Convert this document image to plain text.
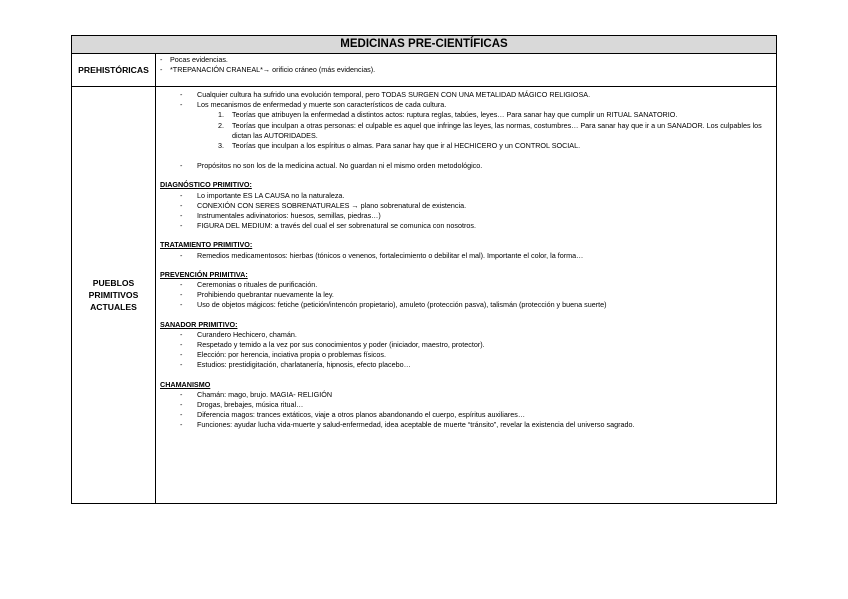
MEDICINAS PRE-CIENTÍFICAS
PREHISTÓRICAS
-	Pocas evidencias.
-	*TREPANACIÓN CRANEAL*→ orificio cráneo (más evidencias).
PUEBLOS
PRIMITIVOS
ACTUALES
-	Cualquier cultura ha sufrido una evolución temporal, pero TODAS SURGEN CON UNA METALIDAD MÁGICO RELIGIOSA.
-	Los mecanismos de enfermedad y muerte son característicos de cada cultura.
1.	Teorías que atribuyen la enfermedad a distintos actos: ruptura reglas, tabúes, leyes… Para sanar hay que cumplir un RITUAL SANATORIO.
2.	Teorías que inculpan a otras personas: el culpable es aquel que infringe las leyes, las normas, costumbres… Para sanar hay que ir a un SANADOR. Los culpables los dictan las AUTORIDADES.
3.	Teorías que inculpan a los espíritus o almas. Para sanar hay que ir al HECHICERO y un CONTROL SOCIAL.
-	Propósitos no son los de la medicina actual. No guardan ni el mismo orden metodológico.
DIAGNÓSTICO PRIMITIVO:
-	Lo importante ES LA CAUSA no la naturaleza.
-	CONEXIÓN CON SERES SOBRENATURALES → plano sobrenatural de existencia.
-	Instrumentales adivinatorios: huesos, semillas, piedras…)
-	FIGURA DEL MEDIUM: a través del cual el ser sobrenatural se comunica con nosotros.
TRATAMIENTO PRIMITIVO:
-	Remedios medicamentosos: hierbas (tónicos o venenos, fortalecimiento o debilitar el mal). Importante el color, la forma…
PREVENCIÓN PRIMITIVA:
-	Ceremonias o rituales de purificación.
-	Prohibiendo quebrantar nuevamente la ley.
-	Uso de objetos mágicos: fetiche (petición/intencón propietario), amuleto (protección pasva), talismán (protección y buena suerte)
SANADOR PRIMITIVO:
-	Curandero Hechicero, chamán.
-	Respetado y temido a la vez por sus conocimientos y poder (iniciador, maestro, protector).
-	Elección: por herencia, inciativa propia o problemas físicos.
-	Estudios: prestidigitación, charlatanería, hipnosis, efecto placebo…
CHAMANISMO
-	Chamán: mago, brujo. MAGIA- RELIGIÓN
-	Drogas, brebajes, música ritual…
-	Diferencia magos: trances extáticos, viaje a otros planos abandonando el cuerpo, espíritus auxiliares…
-	Funciones: ayudar lucha vida-muerte y salud-enfermedad, idea aceptable de muerte “tránsito”, revelar la existencia del universo sagrado.
